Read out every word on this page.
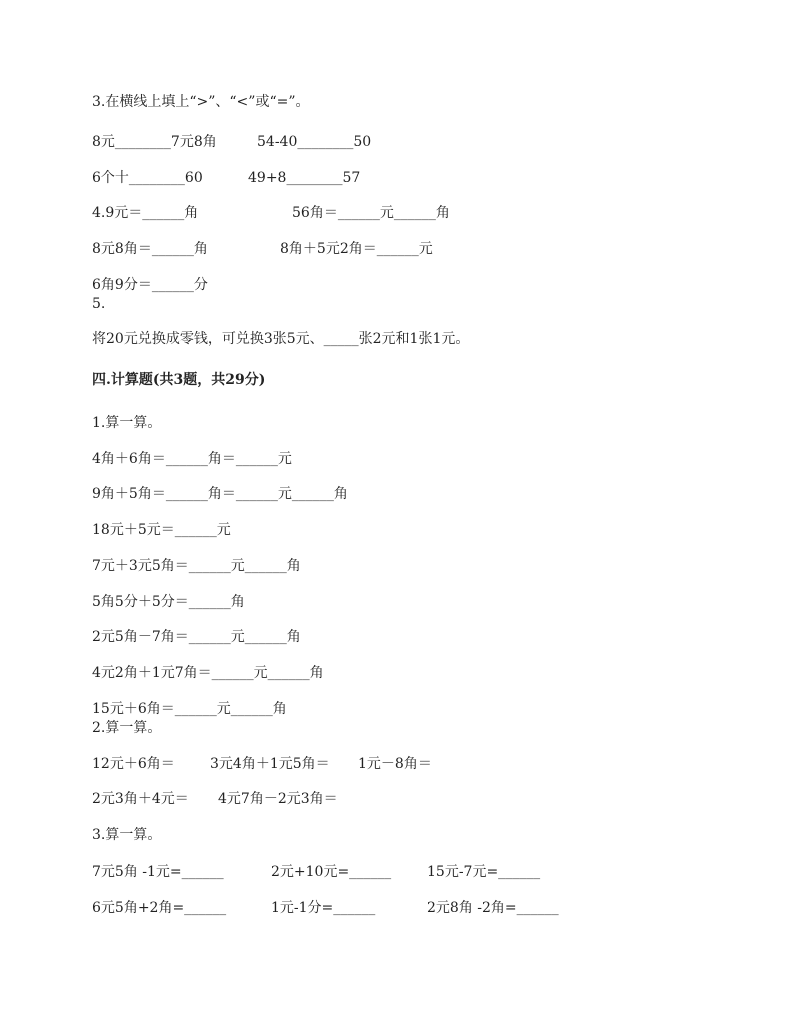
3.在横线上填上“>”、“<”或“=”。
8元________7元8角	54-40________50
6个十________60	49+8________57
4.9元＝______角	56角＝______元______角
8元8角＝______角	8角＋5元2角＝______元
6角9分＝______分
5.
将20元兑换成零钱，可兑换3张5元、_____张2元和1张1元。
四.计算题(共3题，共29分)
1.算一算。
4角＋6角＝______角＝______元
9角＋5角＝______角＝______元______角
18元＋5元＝______元
7元＋3元5角＝______元______角
5角5分＋5分＝______角
2元5角－7角＝______元______角
4元2角＋1元7角＝______元______角
15元＋6角＝______元______角
2.算一算。
12元＋6角＝	3元4角＋1元5角＝ 1元－8角＝
2元3角＋4元＝ 4元7角－2元3角＝
3.算一算。
7元5角 -1元=______	2元+10元=______	15元-7元=______
6元5角+2角=______	1元-1分=______	2元8角 -2角=______
